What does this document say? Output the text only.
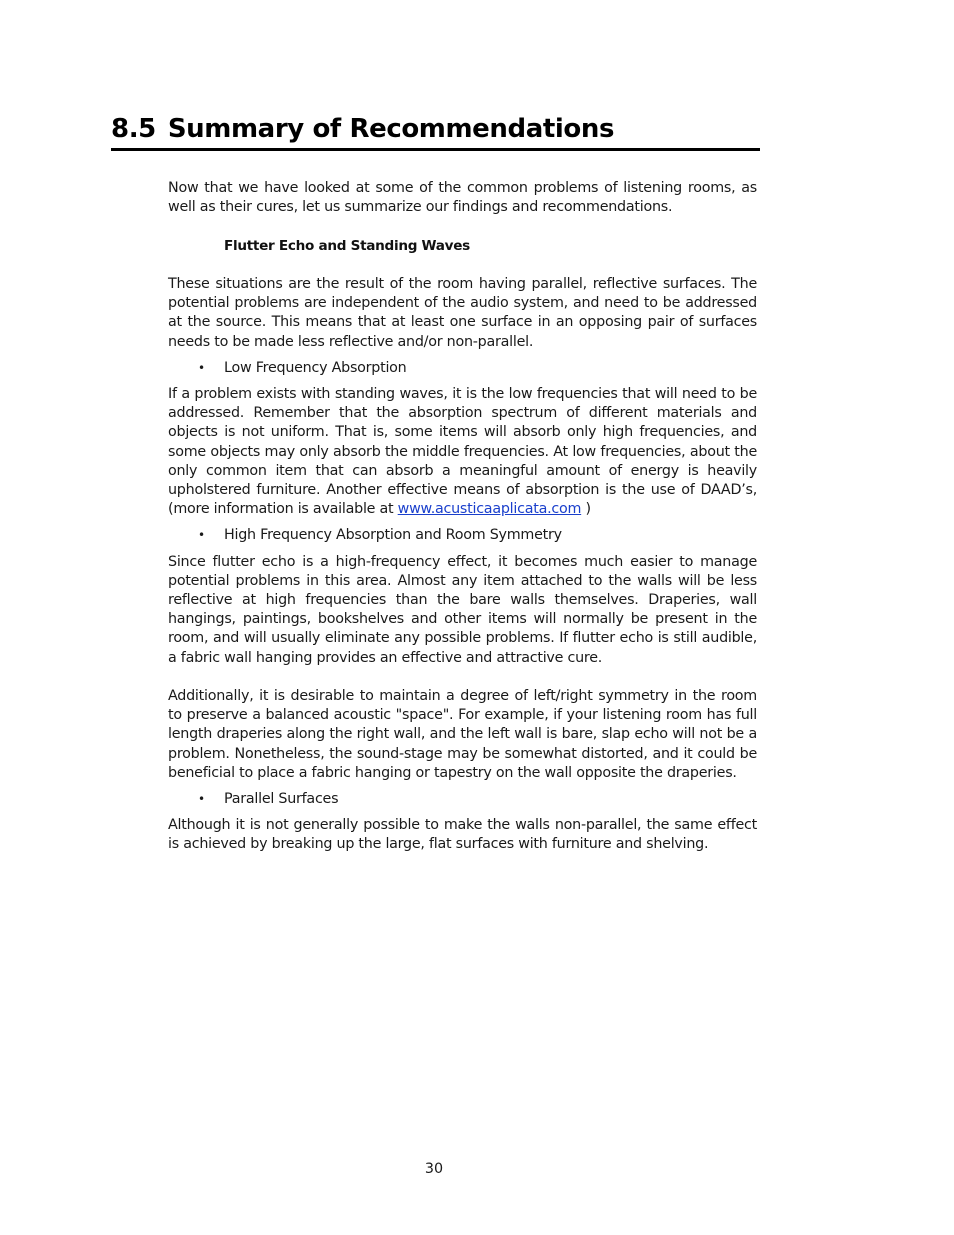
8.5 Summary of Recommendations

Now that we have looked at some of the common problems of listening rooms, as well as their cures, let us summarize our findings and recommendations.

Flutter Echo and Standing Waves

These situations are the result of the room having parallel, reflective surfaces. The potential problems are independent of the audio system, and need to be addressed at the source. This means that at least one surface in an opposing pair of surfaces needs to be made less reflective and/or non-parallel.

•	Low Frequency Absorption

If a problem exists with standing waves, it is the low frequencies that will need to be addressed. Remember that the absorption spectrum of different materials and objects is not uniform. That is, some items will absorb only high frequencies, and some objects may only absorb the middle frequencies. At low frequencies, about the only common item that can absorb a meaningful amount of energy is heavily upholstered furniture. Another effective means of absorption is the use of DAAD’s, (more information is available at www.acusticaaplicata.com )

•	High Frequency Absorption and Room Symmetry

Since flutter echo is a high-frequency effect, it becomes much easier to manage potential problems in this area. Almost any item attached to the walls will be less reflective at high frequencies than the bare walls themselves. Draperies, wall hangings, paintings, bookshelves and other items will normally be present in the room, and will usually eliminate any possible problems. If flutter echo is still audible, a fabric wall hanging provides an effective and attractive cure.

Additionally, it is desirable to maintain a degree of left/right symmetry in the room to preserve a balanced acoustic "space". For example, if your listening room has full length draperies along the right wall, and the left wall is bare, slap echo will not be a problem. Nonetheless, the sound-stage may be somewhat distorted, and it could be beneficial to place a fabric hanging or tapestry on the wall opposite the draperies.

•	Parallel Surfaces

Although it is not generally possible to make the walls non-parallel, the same effect is achieved by breaking up the large, flat surfaces with furniture and shelving.

30
